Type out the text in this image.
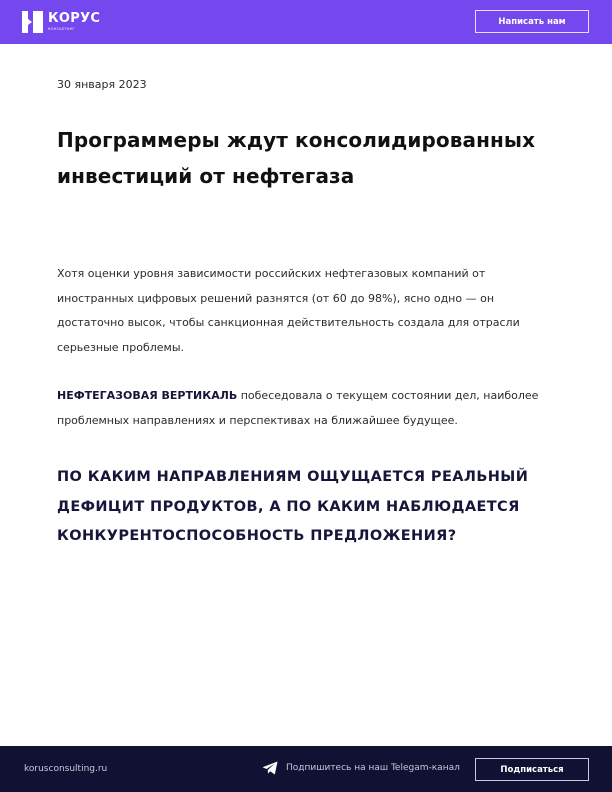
КОРУС
КОНСАЛТИНГ
Написать нам
30 января 2023
Программеры ждут консолидированных инвестиций от нефтегаза

Хотя оценки уровня зависимости российских нефтегазовых компаний от иностранных цифровых решений разнятся (от 60 до 98%), ясно одно — он достаточно высок, чтобы санкционная действительность создала для отрасли серьезные проблемы.

НЕФТЕГАЗОВАЯ ВЕРТИКАЛЬ побеседовала о текущем состоянии дел, наиболее проблемных направлениях и перспективах на ближайшее будущее.

ПО КАКИМ НАПРАВЛЕНИЯМ ОЩУЩАЕТСЯ РЕАЛЬНЫЙ ДЕФИЦИТ ПРОДУКТОВ, А ПО КАКИМ НАБЛЮДАЕТСЯ КОНКУРЕНТОСПОСОБНОСТЬ ПРЕДЛОЖЕНИЯ?
korusconsulting.ru	Подпишитесь на наш Telegam-канал	Подписаться
